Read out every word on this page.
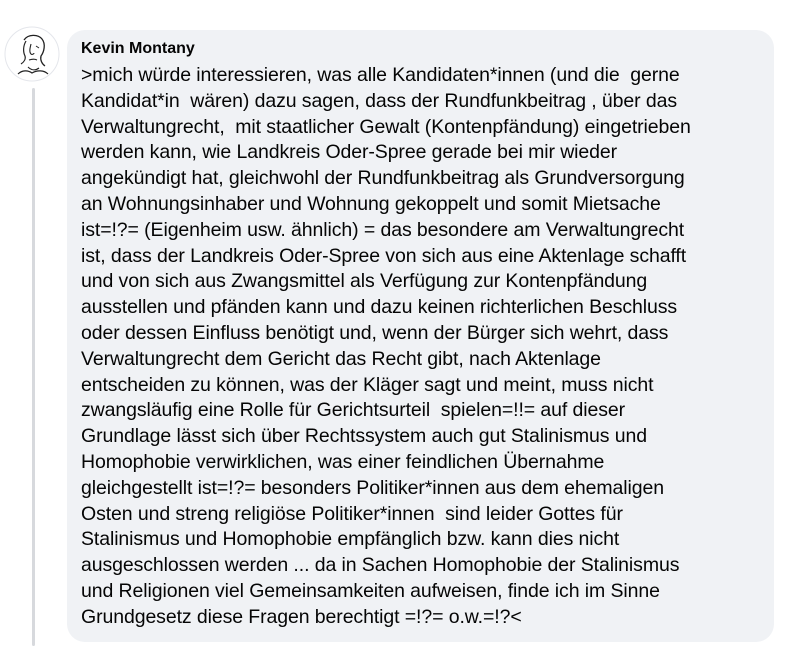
Kevin Montany
>mich würde interessieren, was alle Kandidaten*innen (und die  gerne
Kandidat*in  wären) dazu sagen, dass der Rundfunkbeitrag , über das
Verwaltungrecht,  mit staatlicher Gewalt (Kontenpfändung) eingetrieben
werden kann, wie Landkreis Oder-Spree gerade bei mir wieder
angekündigt hat, gleichwohl der Rundfunkbeitrag als Grundversorgung
an Wohnungsinhaber und Wohnung gekoppelt und somit Mietsache
ist=!?= (Eigenheim usw. ähnlich) = das besondere am Verwaltungrecht
ist, dass der Landkreis Oder-Spree von sich aus eine Aktenlage schafft
und von sich aus Zwangsmittel als Verfügung zur Kontenpfändung
ausstellen und pfänden kann und dazu keinen richterlichen Beschluss
oder dessen Einfluss benötigt und, wenn der Bürger sich wehrt, dass
Verwaltungrecht dem Gericht das Recht gibt, nach Aktenlage
entscheiden zu können, was der Kläger sagt und meint, muss nicht
zwangsläufig eine Rolle für Gerichtsurteil  spielen=!!= auf dieser
Grundlage lässt sich über Rechtssystem auch gut Stalinismus und
Homophobie verwirklichen, was einer feindlichen Übernahme
gleichgestellt ist=!?= besonders Politiker*innen aus dem ehemaligen
Osten und streng religiöse Politiker*innen  sind leider Gottes für
Stalinismus und Homophobie empfänglich bzw. kann dies nicht
ausgeschlossen werden ... da in Sachen Homophobie der Stalinismus
und Religionen viel Gemeinsamkeiten aufweisen, finde ich im Sinne
Grundgesetz diese Fragen berechtigt =!?= o.w.=!?<
